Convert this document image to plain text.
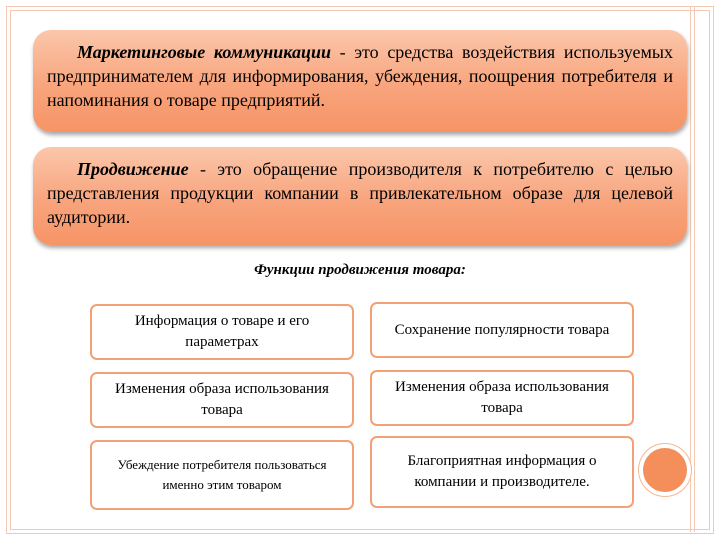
Маркетинговые коммуникации - это средства воздействия используемых предпринимателем для информирования, убеждения, поощрения потребителя и напоминания о товаре предприятий.
Продвижение - это обращение производителя к потребителю с целью представления продукции компании в привлекательном образе для целевой аудитории.
Функции продвижения товара:
Информация о товаре и его параметрах
Изменения образа использования товара
Убеждение потребителя пользоваться именно этим товаром
Сохранение популярности товара
Изменения образа использования товара
Благоприятная информация о компании и производителе.
